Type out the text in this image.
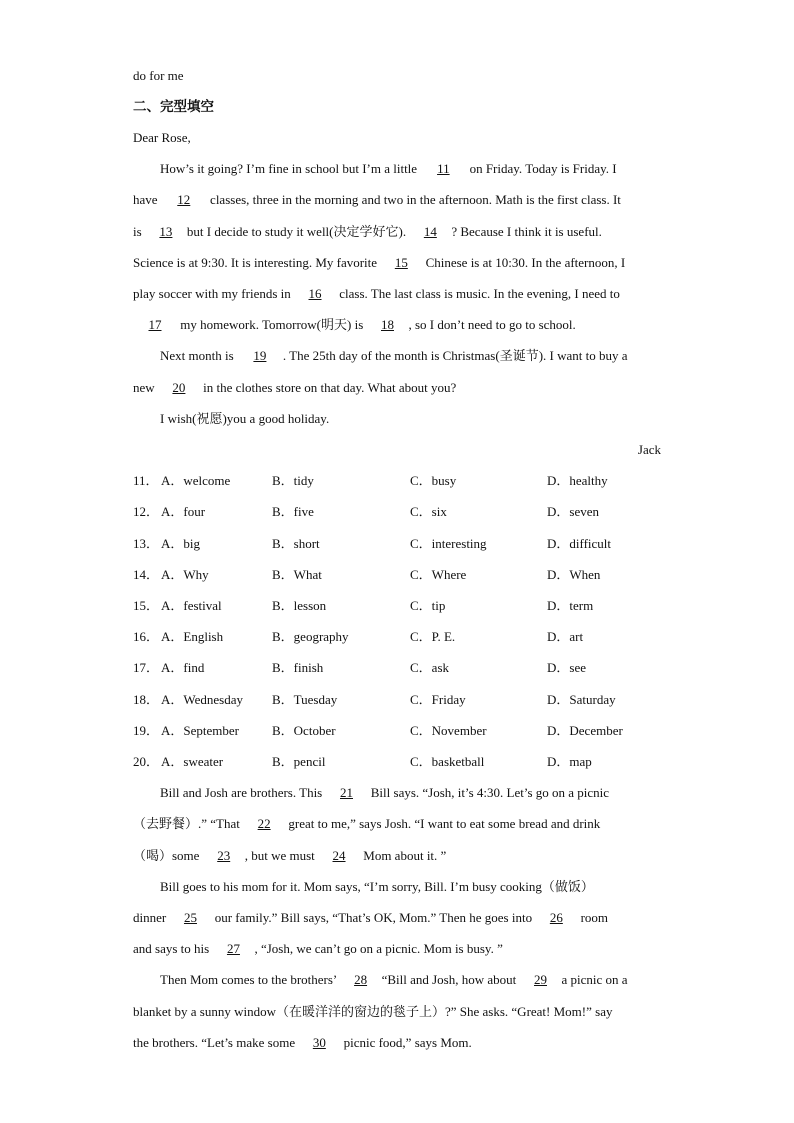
do for me
二、完型填空
Dear Rose,
How’s it going? I’m fine in school but I’m a little 11 on Friday. Today is Friday. I
have 12 classes, three in the morning and two in the afternoon. Math is the first class. It
is 13 but I decide to study it well(决定学好它). 14 ? Because I think it is useful.
Science is at 9:30. It is interesting. My favorite 15 Chinese is at 10:30. In the afternoon, I
play soccer with my friends in 16 class. The last class is music. In the evening, I need to
17 my homework. Tomorrow(明天) is 18 , so I don’t need to go to school.
Next month is 19 . The 25th day of the month is Christmas(圣诞节). I want to buy a
new 20 in the clothes store on that day. What about you?
I wish(祝愿)you a good holiday.
Jack
11． A．welcome	B．tidy	C．busy	D．healthy
12． A．four	B．five	C．six	D．seven
13． A．big	B．short	C．interesting	D．difficult
14． A．Why	B．What	C．Where	D．When
15． A．festival	B．lesson	C．tip	D．term
16． A．English	B．geography	C．P. E.	D．art
17． A．find	B．finish	C．ask	D．see
18． A．Wednesday B．Tuesday	C．Friday	D．Saturday
19． A．September	B．October	C．November	D．December
20． A．sweater	B．pencil	C．basketball	D．map
Bill and Josh are brothers. This 21 Bill says. “Josh, it’s 4:30. Let’s go on a picnic
（去野餐）.” “That 22 great to me,” says Josh. “I want to eat some bread and drink
（喝）some 23 , but we must 24 Mom about it. ”
Bill goes to his mom for it. Mom says, “I’m sorry, Bill. I’m busy cooking（做饭）
dinner 25 our family.” Bill says, “That’s OK, Mom.” Then he goes into 26 room
and says to his 27 , “Josh, we can’t go on a picnic. Mom is busy. ”
Then Mom comes to the brothers’ 28 “Bill and Josh, how about 29 a picnic on a
blanket by a sunny window（在暖洋洋的窗边的毯子上）?” She asks. “Great! Mom!” say
the brothers. “Let’s make some 30 picnic food,” says Mom.
